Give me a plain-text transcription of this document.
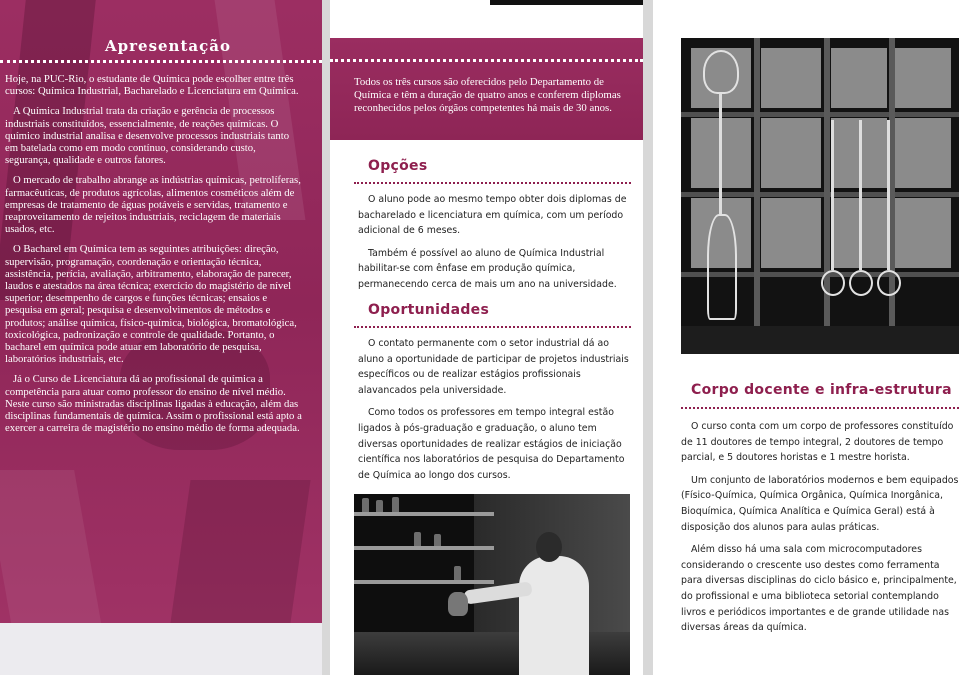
Apresentação

Hoje, na PUC-Rio, o estudante de Química pode escolher entre três cursos: Química Industrial, Bacharelado e Licenciatura em Química.

A Química Industrial trata da criação e gerência de processos industriais constituídos, essencialmente, de reações químicas. O químico industrial analisa e desenvolve processos industriais tanto em batelada como em modo contínuo, considerando custo, segurança, qualidade e outros fatores.

O mercado de trabalho abrange as indústrias químicas, petrolíferas, farmacêuticas, de produtos agrícolas, alimentos cosméticos além de empresas de tratamento de águas potáveis e servidas, tratamento e reaproveitamento de rejeitos industriais, reciclagem de materiais usados, etc.

O Bacharel em Química tem as seguintes atribuições: direção, supervisão, programação, coordenação e orientação técnica, assistência, perícia, avaliação, arbitramento, elaboração de parecer, laudos e atestados na área técnica; exercício do magistério de nível superior; desempenho de cargos e funções técnicas; ensaios e pesquisa em geral; pesquisa e desenvolvimentos de métodos e produtos; análise química, físico-química, biológica, bromatológica, toxicológica, padronização e controle de qualidade. Portanto, o bacharel em química pode atuar em laboratório de pesquisa, laboratórios industriais, etc.

Já o Curso de Licenciatura dá ao profissional de química a competência para atuar como professor do ensino de nível médio. Neste curso são ministradas disciplinas ligadas à educação, além das disciplinas fundamentais de química. Assim o profissional está apto a exercer a carreira de magistério no ensino médio de forma adequada.

Todos os três cursos são oferecidos pelo Departamento de Química e têm a duração de quatro anos e conferem diplomas reconhecidos pelos órgãos competentes há mais de 30 anos.

Opções

O aluno pode ao mesmo tempo obter dois diplomas de bacharelado e licenciatura em química, com um período adicional de 6 meses.

Também é possível ao aluno de Química Industrial habilitar-se com ênfase em produção química, permanecendo cerca de mais um ano na universidade.

Oportunidades

O contato permanente com o setor industrial dá ao aluno a oportunidade de participar de projetos industriais específicos ou de realizar estágios profissionais alavancados pela universidade.

Como todos os professores em tempo integral estão ligados à pós-graduação e graduação, o aluno tem diversas oportunidades de realizar estágios de iniciação científica nos laboratórios de pesquisa do Departamento de Química ao longo dos cursos.

Corpo docente e infra-estrutura

O curso conta com um corpo de professores constituído de 11 doutores de tempo integral, 2 doutores de tempo parcial, e 5 doutores horistas e 1 mestre horista.

Um conjunto de laboratórios modernos e bem equipados (Físico-Química, Química Orgânica, Química Inorgânica, Bioquímica, Química Analítica e Química Geral) está à disposição dos alunos para aulas práticas.

Além disso há uma sala com microcomputadores considerando o crescente uso destes como ferramenta para diversas disciplinas do ciclo básico e, principalmente, do profissional e uma biblioteca setorial contemplando livros e periódicos importantes e de grande utilidade nas diversas áreas da química.
